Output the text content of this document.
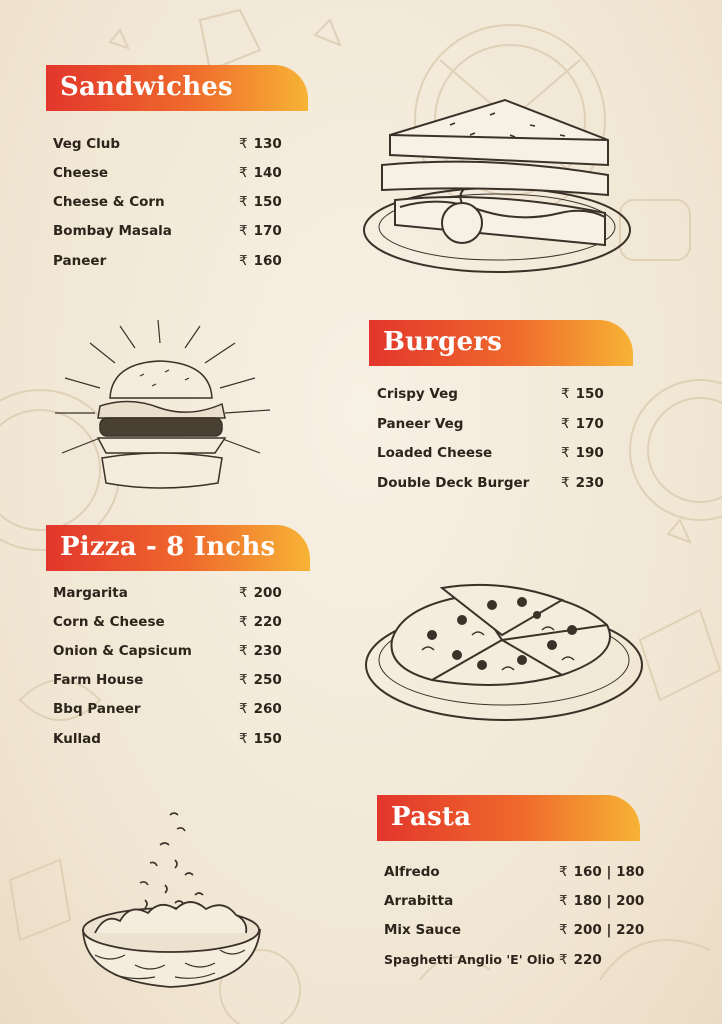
Sandwiches
Veg Club	₹ 130
Cheese	₹ 140
Cheese & Corn	₹ 150
Bombay Masala	₹ 170
Paneer	₹ 160
Burgers
Crispy Veg	₹ 150
Paneer Veg	₹ 170
Loaded Cheese	₹ 190
Double Deck Burger ₹ 230
Pizza - 8 Inchs
Margarita	₹ 200
Corn & Cheese	₹ 220
Onion & Capsicum	₹ 230
Farm House	₹ 250
Bbq Paneer	₹ 260
Kullad	₹ 150
Pasta
Alfredo	₹ 160 | 180
Arrabitta	₹ 180 | 200
Mix Sauce	₹ 200 | 220
Spaghetti Anglio 'E' Olio ₹ 220
